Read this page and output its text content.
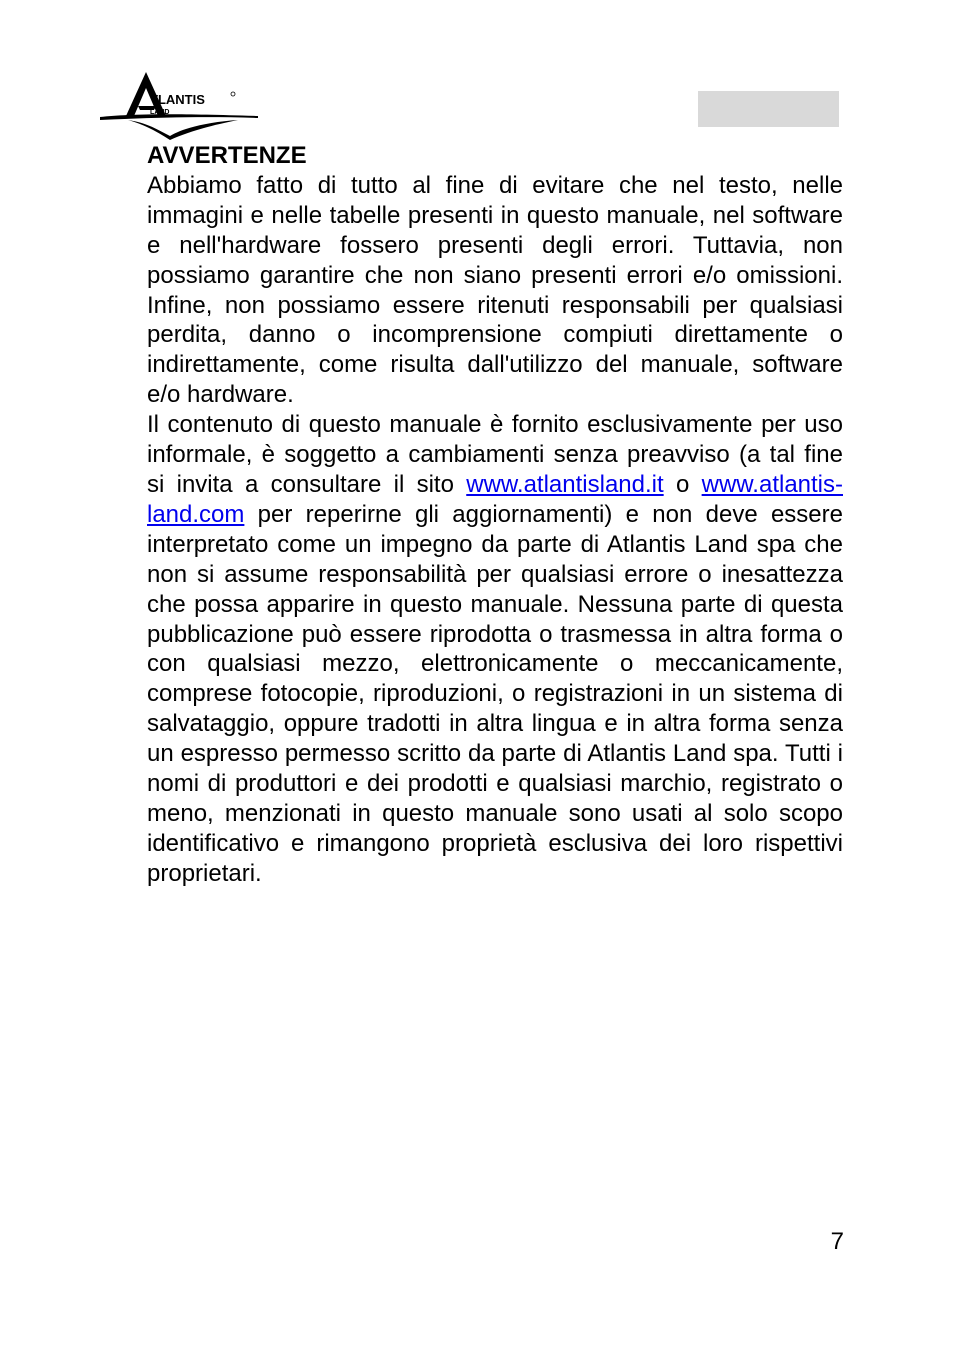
TLANTIS
LAND

AVVERTENZE

Abbiamo fatto di tutto al fine di evitare che nel testo, nelle immagini e nelle tabelle presenti in questo manuale, nel software e nell'hardware fossero presenti degli errori. Tuttavia, non possiamo garantire che non siano presenti errori e/o omissioni. Infine, non possiamo essere ritenuti responsabili per qualsiasi perdita, danno o incomprensione compiuti direttamente o indirettamente, come risulta dall'utilizzo del manuale, software e/o hardware.

Il contenuto di questo manuale è fornito esclusivamente per uso informale, è soggetto a cambiamenti senza preavviso (a tal fine si invita a consultare il sito www.atlantisland.it o www.atlantis-land.com per reperirne gli aggiornamenti) e non deve essere interpretato come un impegno da parte di Atlantis Land spa che non si assume responsabilità per qualsiasi errore o inesattezza che possa apparire in questo manuale. Nessuna parte di questa pubblicazione può essere riprodotta o trasmessa in altra forma o con qualsiasi mezzo, elettronicamente o meccanicamente, comprese fotocopie, riproduzioni, o registrazioni in un sistema di salvataggio, oppure tradotti in altra lingua e in altra forma senza un espresso permesso scritto da parte di Atlantis Land spa. Tutti i nomi di produttori e dei prodotti e qualsiasi marchio, registrato o meno, menzionati in questo manuale sono usati al solo scopo identificativo e rimangono proprietà esclusiva dei loro rispettivi proprietari.

7
